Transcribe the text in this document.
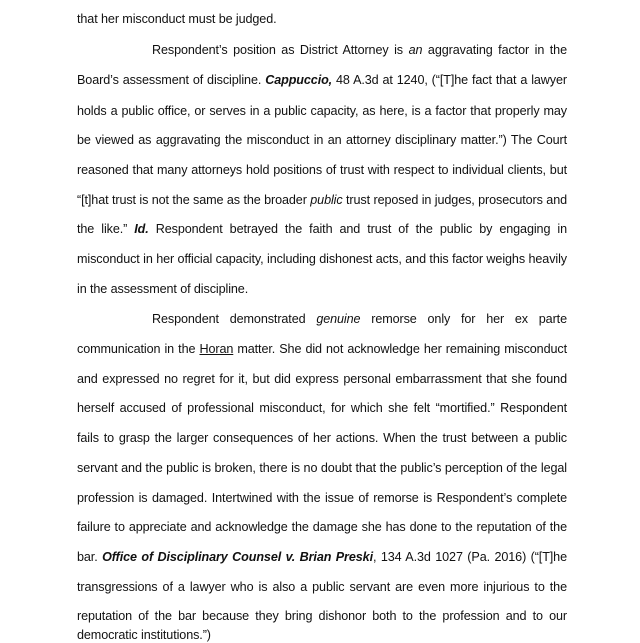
that her misconduct must be judged.
Respondent’s position as District Attorney is an aggravating factor in the
Board’s assessment of discipline. Cappuccio, 48 A.3d at 1240, (“[T]he fact that a lawyer
holds a public office, or serves in a public capacity, as here, is a factor that properly may
be viewed as aggravating the misconduct in an attorney disciplinary matter.”) The Court
reasoned that many attorneys hold positions of trust with respect to individual clients, but
“[t]hat trust is not the same as the broader public trust reposed in judges, prosecutors and
the like.” Id. Respondent betrayed the faith and trust of the public by engaging in
misconduct in her official capacity, including dishonest acts, and this factor weighs heavily
in the assessment of discipline.
Respondent demonstrated genuine remorse only for her ex parte
communication in the Horan matter. She did not acknowledge her remaining misconduct
and expressed no regret for it, but did express personal embarrassment that she found
herself accused of professional misconduct, for which she felt “mortified.” Respondent
fails to grasp the larger consequences of her actions. When the trust between a public
servant and the public is broken, there is no doubt that the public’s perception of the legal
profession is damaged. Intertwined with the issue of remorse is Respondent’s complete
failure to appreciate and acknowledge the damage she has done to the reputation of the
bar. Office of Disciplinary Counsel v. Brian Preski, 134 A.3d 1027 (Pa. 2016) (“[T]he
transgressions of a lawyer who is also a public servant are even more injurious to the
reputation of the bar because they bring dishonor both to the profession and to our
democratic institutions.”)
